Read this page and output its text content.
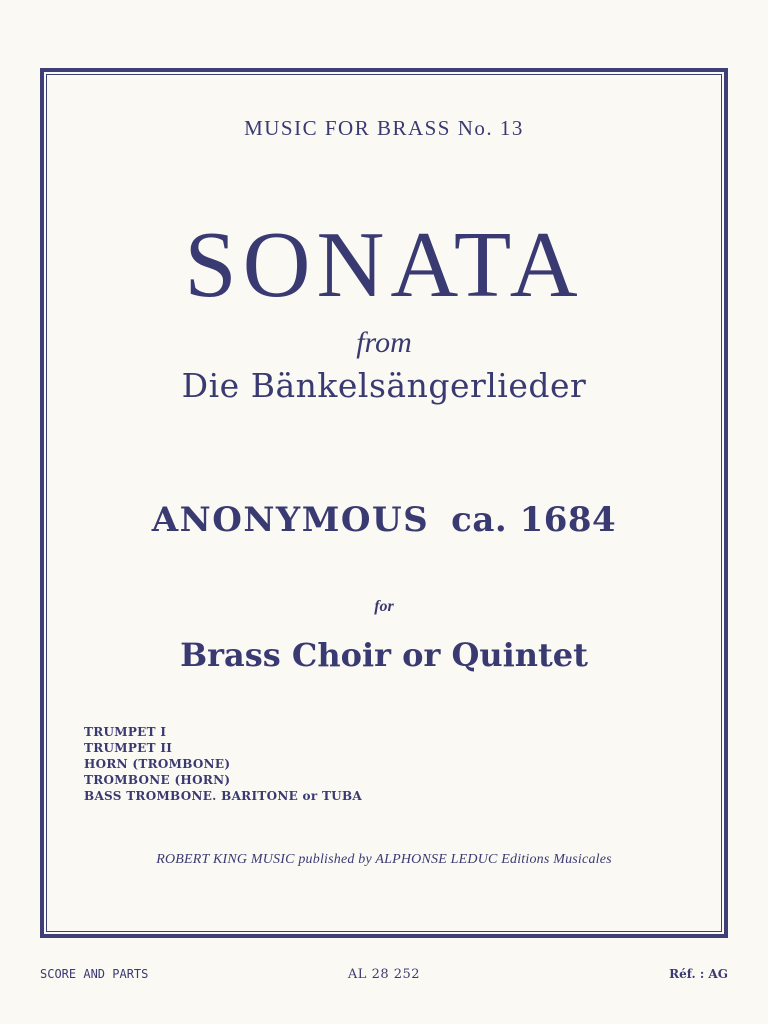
MUSIC FOR BRASS No. 13
SONATA
from
Die Bänkelsängerlieder
ANONYMOUS ca. 1684
for
Brass Choir or Quintet
TRUMPET I
TRUMPET II
HORN (TROMBONE)
TROMBONE (HORN)
BASS TROMBONE. BARITONE or TUBA
ROBERT KING MUSIC published by ALPHONSE LEDUC Editions Musicales
SCORE AND PARTS	AL 28 252	Réf. : AG
